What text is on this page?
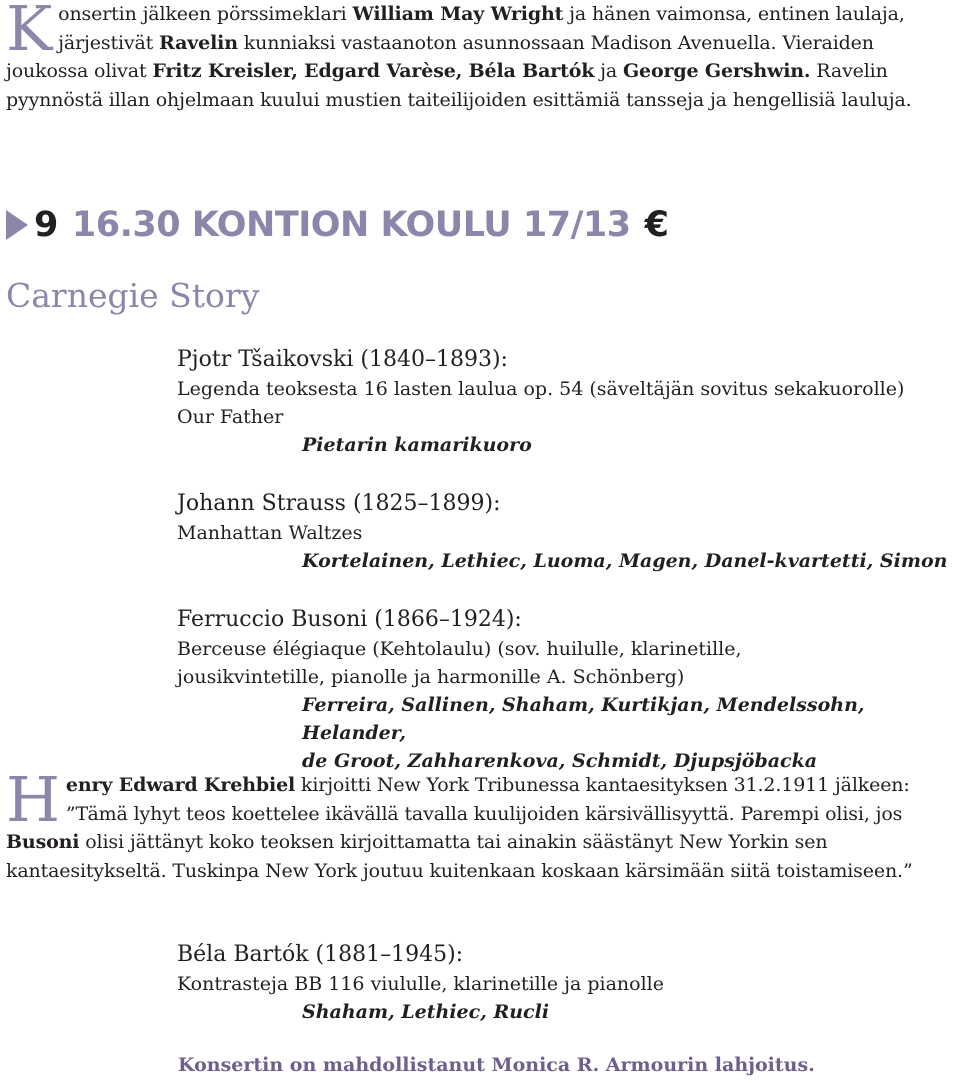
K onsertin jälkeen pörssimeklari William May Wright ja hänen vaimonsa, entinen laulaja, järjestivät Ravelin kunniaksi vastaanoton asunnossaan Madison Avenuella. Vieraiden joukossa olivat Fritz Kreisler, Edgard Varèse, Béla Bartók ja George Gershwin. Ravelin pyynnöstä illan ohjelmaan kuului mustien taiteilijoiden esittämiä tansseja ja hengellisiä lauluja.
9 16.30 KONTION KOULU 17/13 €
Carnegie Story
Pjotr Tšaikovski (1840–1893):
Legenda teoksesta 16 lasten laulua op. 54 (säveltäjän sovitus sekakuorolle)
Our Father
Pietarin kamarikuoro
Johann Strauss (1825–1899):
Manhattan Waltzes
Kortelainen, Lethiec, Luoma, Magen, Danel-kvartetti, Simon
Ferruccio Busoni (1866–1924):
Berceuse élégiaque (Kehtolaulu) (sov. huilulle, klarinetille,
jousikvintetille, pianolle ja harmonille A. Schönberg)
Ferreira, Sallinen, Shaham, Kurtikjan, Mendelssohn, Helander,
de Groot, Zahharenkova, Schmidt, Djupsjöbacka
H enry Edward Krehbiel kirjoitti New York Tribunessa kantaesityksen 31.2.1911 jälkeen: ”Tämä lyhyt teos koettelee ikävällä tavalla kuulijoiden kärsivällisyyttä. Parempi olisi, jos Busoni olisi jättänyt koko teoksen kirjoittamatta tai ainakin säästänyt New Yorkin sen kantaesitykseltä. Tuskinpa New York joutuu kuitenkaan koskaan kärsimään siitä toistamiseen.”
Béla Bartók (1881–1945):
Kontrasteja BB 116 viululle, klarinetille ja pianolle
Shaham, Lethiec, Rucli
Konsertin on mahdollistanut Monica R. Armourin lahjoitus.
